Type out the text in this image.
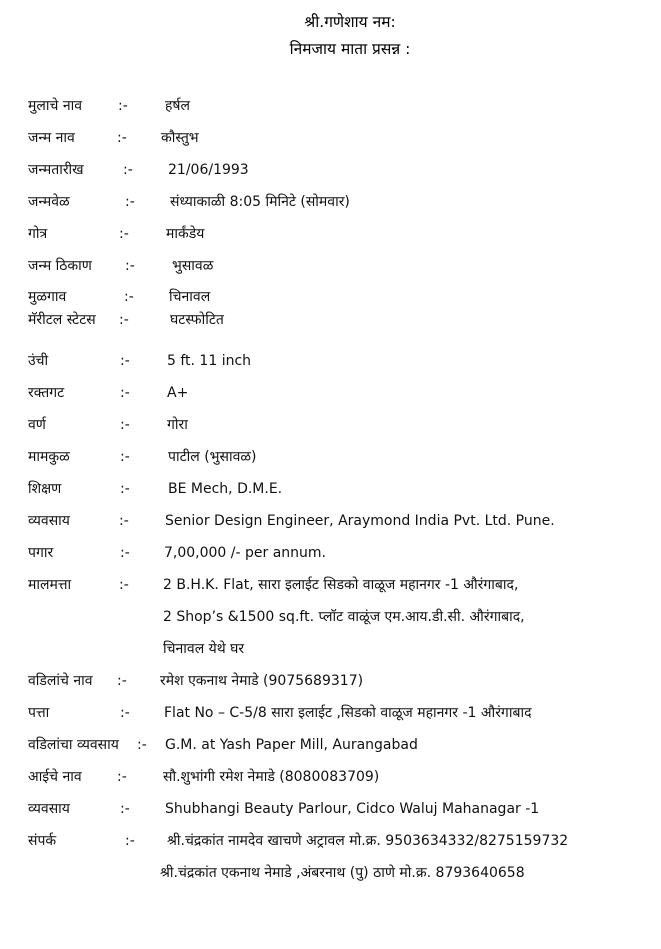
श्री.गणेशाय नम:
निमजाय माता प्रसन्न :
मुलाचे नाव	:-	हर्षल
जन्म नाव	:- कौस्तुभ
जन्मतारीख	:-	21/06/1993
जन्मवेळ	:-	संध्याकाळी 8:05 मिनिटे (सोमवार)
गोत्र	:-	मार्कंडेय
जन्म ठिकाण :-	भुसावळ
मुळगाव	:-	चिनावल
मॅरीटल स्टेटस :-	घटस्फोटित
उंची	:-	5 ft. 11 inch
रक्तगट	:-	A+
वर्ण	:-	गोरा
मामकुळ	:-	पाटील (भुसावळ)
शिक्षण	:-	BE Mech, D.M.E.
व्यवसाय	:-	Senior Design Engineer, Araymond India Pvt. Ltd. Pune.
पगार	:- 7,00,000 /- per annum.
मालमत्ता	:- 2 B.H.K. Flat, सारा इलाईट सिडको वाळूज महानगर -1 औरंगाबाद,
2 Shop’s &1500 sq.ft. प्लॉट वाळूंज एम.आय.डी.सी. औरंगाबाद,
चिनावल येथे घर
वडिलांचे नाव :- रमेश एकनाथ नेमाडे (9075689317)
पत्ता	:- Flat No – C-5/8 सारा इलाईट ,सिडको वाळूज महानगर -1 औरंगाबाद
वडिलांचा व्यवसाय :- G.M. at Yash Paper Mill, Aurangabad
आईचे नाव	:-	सौ.शुभांगी रमेश नेमाडे (8080083709)
व्यवसाय	:-	Shubhangi Beauty Parlour, Cidco Waluj Mahanagar -1
संपर्क	:- श्री.चंद्रकांत नामदेव खाचणे अट्रावल मो.क्र. 9503634332/8275159732
श्री.चंद्रकांत एकनाथ नेमाडे ,अंबरनाथ (पु) ठाणे मो.क्र. 8793640658
